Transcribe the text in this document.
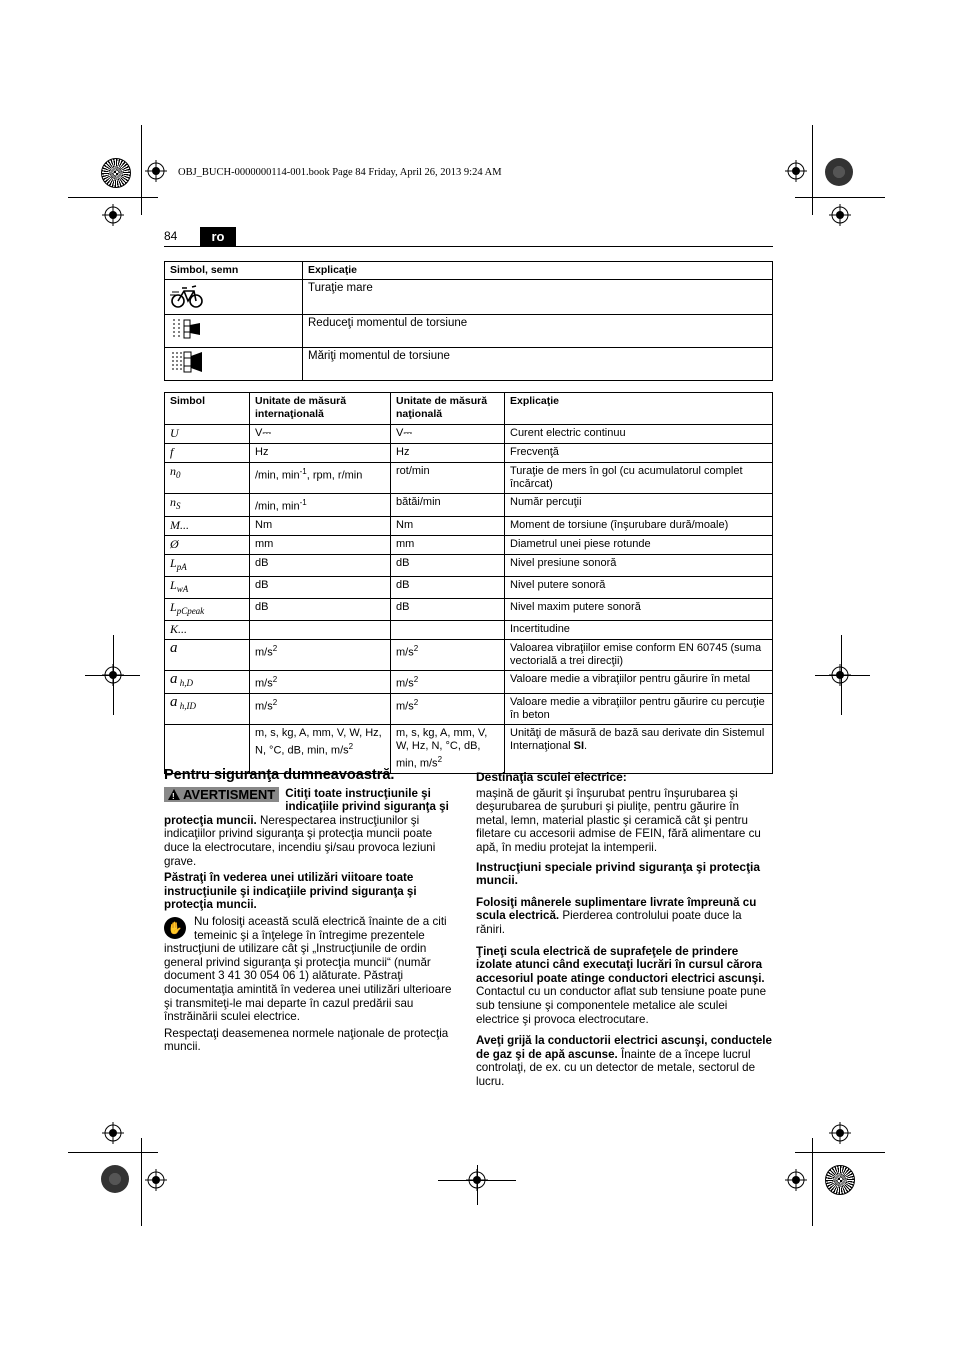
OBJ_BUCH-0000000114-001.book Page 84 Friday, April 26, 2013 9:24 AM
84	ro
Simbol, semn	Explicaţie
	Turaţie mare
	Reduceţi momentul de torsiune
	Măriţi momentul de torsiune
Simbol	Unitate de măsură internaţională	Unitate de măsură naţională	Explicaţie
U	V⎓	V⎓	Curent electric continuu
f	Hz	Hz	Frecvenţă
$n_0$	/min, $\min^{-1}$, rpm, r/min	rot/min	Turaţie de mers în gol (cu acumulatorul complet încărcat)
$n_S$	/min, $\min^{-1}$	bătăi/min	Număr percuţii
M...	Nm	Nm	Moment de torsiune (înşurubare dură/moale)
Ø	mm	mm	Diametrul unei piese rotunde
$L_{pA}$	dB	dB	Nivel presiune sonoră
$L_{wA}$	dB	dB	Nivel putere sonoră
$L_{pCpeak}$	dB	dB	Nivel maxim putere sonoră
K...			Incertitudine
a	$m/s^2$	$m/s^2$	Valoarea vibraţiilor emise conform EN 60745 (suma vectorială a trei direcţii)
a $_{h,D}$	$m/s^2$	$m/s^2$	Valoare medie a vibraţiilor pentru găurire în metal
a $_{h,ID}$	$m/s^2$	$m/s^2$	Valoare medie a vibraţiilor pentru găurire cu percuţie în beton
	m, s, kg, A, mm, V, W, Hz, N, °C, dB, min, $m/s^2$	m, s, kg, A, mm, V, W, Hz, N, °C, dB, min, $m/s^2$	Unităţi de măsură de bază sau derivate din Sistemul Internaţional SI.
Pentru siguranţa dumneavoastră.

! AVERTISMENT Citiţi toate instrucţiunile şi indicaţiile privind siguranţa şi protecţia muncii. Nerespectarea instrucţiunilor şi indicaţiilor privind siguranţa şi protecţia muncii poate duce la electrocutare, incendiu şi/sau provoca leziuni grave.

Păstraţi în vederea unei utilizări viitoare toate instrucţiunile şi indicaţiile privind siguranţa şi protecţia muncii.

✋ Nu folosiţi această sculă electrică înainte de a citi temeinic şi a înţelege în întregime prezentele instrucţiuni de utilizare cât şi „Instrucţiunile de ordin general privind siguranţa şi protecţia muncii“ (număr document 3 41 30 054 06 1) alăturate. Păstraţi documentaţia amintită în vederea unei utilizări ulterioare şi transmiteţi-le mai departe în cazul predării sau înstrăinării sculei electrice.

Respectaţi deasemenea normele naţionale de protecţia muncii.

Destinaţia sculei electrice:

maşină de găurit şi înşurubat pentru înşurubarea şi deşurubarea de şuruburi şi piuliţe, pentru găurire în metal, lemn, material plastic şi ceramică cât şi pentru filetare cu accesorii admise de FEIN, fără alimentare cu apă, în mediu protejat la intemperii.

Instrucţiuni speciale privind siguranţa şi protecţia muncii.

Folosiţi mânerele suplimentare livrate împreună cu scula electrică. Pierderea controlului poate duce la răniri.

Ţineţi scula electrică de suprafeţele de prindere izolate atunci când executaţi lucrări în cursul cărora accesoriul poate atinge conductori electrici ascunşi. Contactul cu un conductor aflat sub tensiune poate pune sub tensiune şi componentele metalice ale sculei electrice şi provoca electrocutare.

Aveţi grijă la conductorii electrici ascunşi, conductele de gaz şi de apă ascunse. Înainte de a începe lucrul controlaţi, de ex. cu un detector de metale, sectorul de lucru.
